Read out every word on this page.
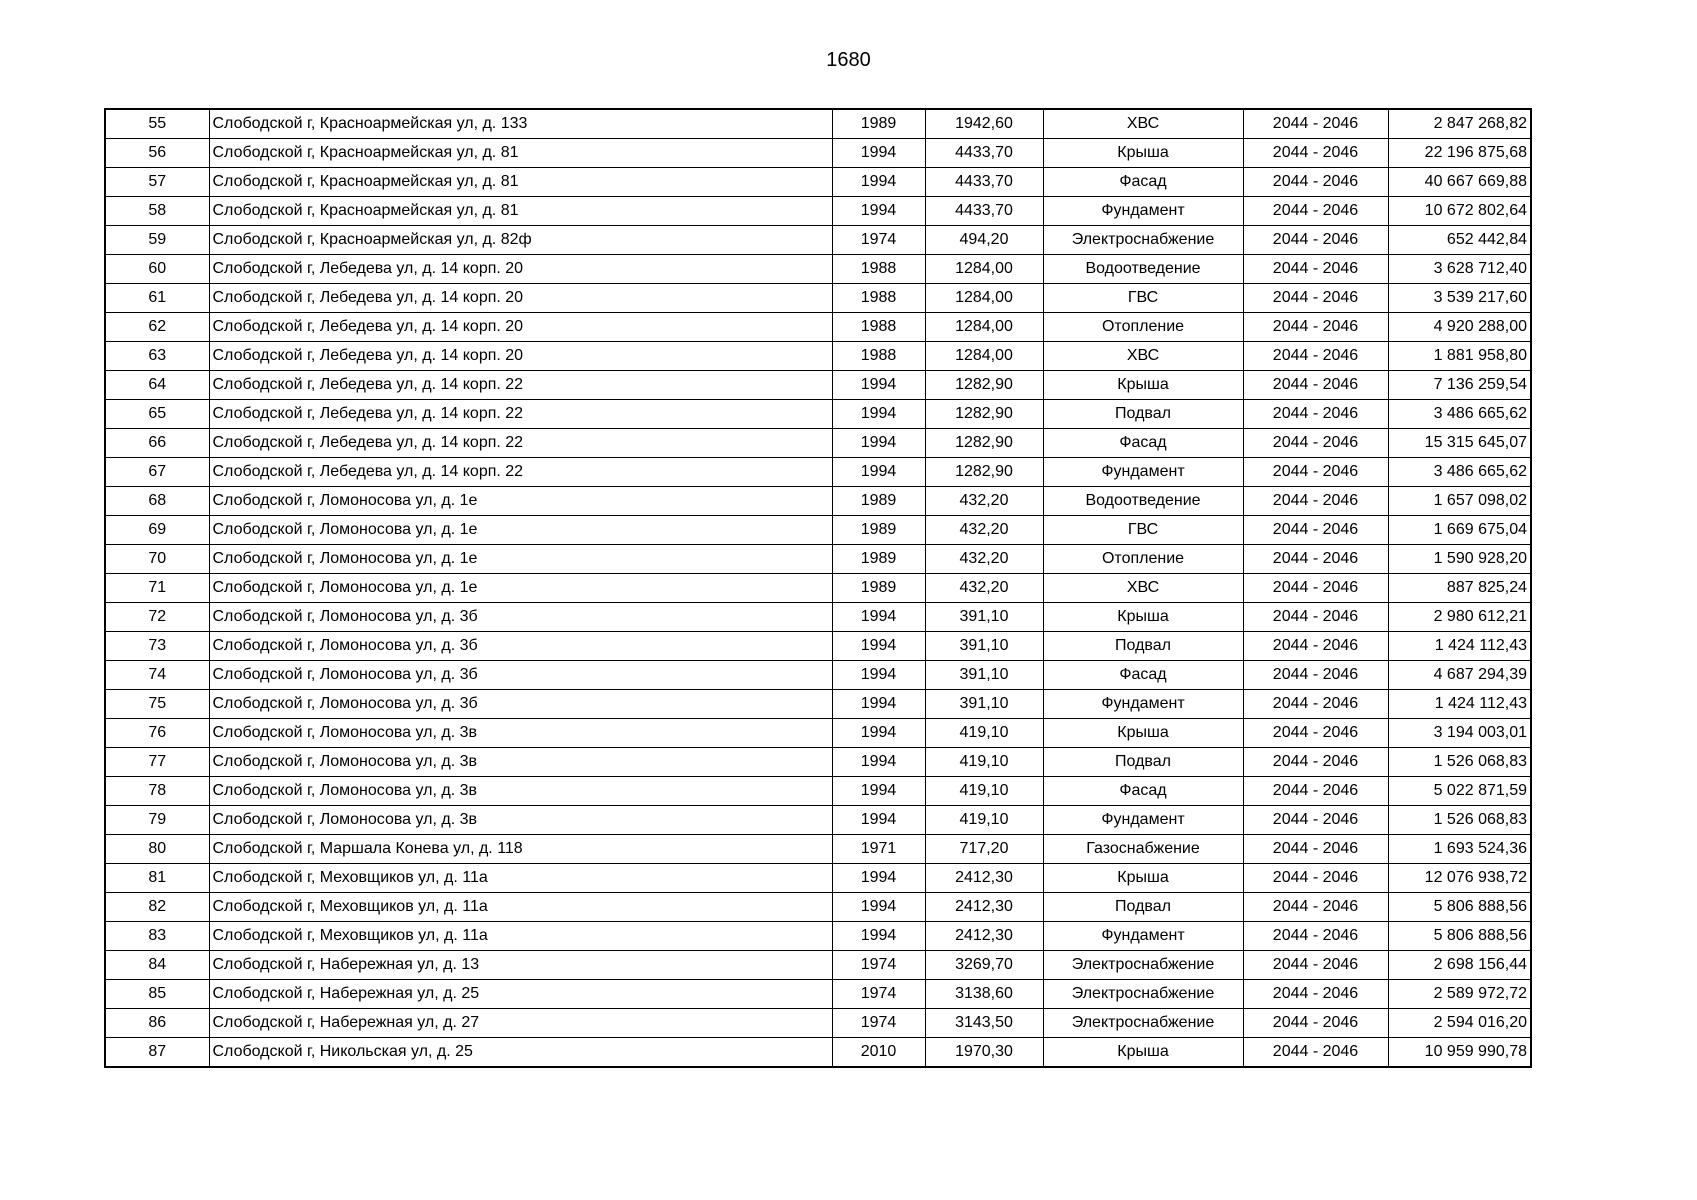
1680
55	Слободской г, Красноармейская ул, д. 133	1989	1942,60	ХВС	2044 - 2046	2 847 268,82
56	Слободской г, Красноармейская ул, д. 81	1994	4433,70	Крыша	2044 - 2046	22 196 875,68
57	Слободской г, Красноармейская ул, д. 81	1994	4433,70	Фасад	2044 - 2046	40 667 669,88
58	Слободской г, Красноармейская ул, д. 81	1994	4433,70	Фундамент	2044 - 2046	10 672 802,64
59	Слободской г, Красноармейская ул, д. 82ф	1974	494,20	Электроснабжение	2044 - 2046	652 442,84
60	Слободской г, Лебедева ул, д. 14 корп. 20	1988	1284,00	Водоотведение	2044 - 2046	3 628 712,40
61	Слободской г, Лебедева ул, д. 14 корп. 20	1988	1284,00	ГВС	2044 - 2046	3 539 217,60
62	Слободской г, Лебедева ул, д. 14 корп. 20	1988	1284,00	Отопление	2044 - 2046	4 920 288,00
63	Слободской г, Лебедева ул, д. 14 корп. 20	1988	1284,00	ХВС	2044 - 2046	1 881 958,80
64	Слободской г, Лебедева ул, д. 14 корп. 22	1994	1282,90	Крыша	2044 - 2046	7 136 259,54
65	Слободской г, Лебедева ул, д. 14 корп. 22	1994	1282,90	Подвал	2044 - 2046	3 486 665,62
66	Слободской г, Лебедева ул, д. 14 корп. 22	1994	1282,90	Фасад	2044 - 2046	15 315 645,07
67	Слободской г, Лебедева ул, д. 14 корп. 22	1994	1282,90	Фундамент	2044 - 2046	3 486 665,62
68	Слободской г, Ломоносова ул, д. 1е	1989	432,20	Водоотведение	2044 - 2046	1 657 098,02
69	Слободской г, Ломоносова ул, д. 1е	1989	432,20	ГВС	2044 - 2046	1 669 675,04
70	Слободской г, Ломоносова ул, д. 1е	1989	432,20	Отопление	2044 - 2046	1 590 928,20
71	Слободской г, Ломоносова ул, д. 1е	1989	432,20	ХВС	2044 - 2046	887 825,24
72	Слободской г, Ломоносова ул, д. 3б	1994	391,10	Крыша	2044 - 2046	2 980 612,21
73	Слободской г, Ломоносова ул, д. 3б	1994	391,10	Подвал	2044 - 2046	1 424 112,43
74	Слободской г, Ломоносова ул, д. 3б	1994	391,10	Фасад	2044 - 2046	4 687 294,39
75	Слободской г, Ломоносова ул, д. 3б	1994	391,10	Фундамент	2044 - 2046	1 424 112,43
76	Слободской г, Ломоносова ул, д. 3в	1994	419,10	Крыша	2044 - 2046	3 194 003,01
77	Слободской г, Ломоносова ул, д. 3в	1994	419,10	Подвал	2044 - 2046	1 526 068,83
78	Слободской г, Ломоносова ул, д. 3в	1994	419,10	Фасад	2044 - 2046	5 022 871,59
79	Слободской г, Ломоносова ул, д. 3в	1994	419,10	Фундамент	2044 - 2046	1 526 068,83
80	Слободской г, Маршала Конева ул, д. 118	1971	717,20	Газоснабжение	2044 - 2046	1 693 524,36
81	Слободской г, Меховщиков ул, д. 11а	1994	2412,30	Крыша	2044 - 2046	12 076 938,72
82	Слободской г, Меховщиков ул, д. 11а	1994	2412,30	Подвал	2044 - 2046	5 806 888,56
83	Слободской г, Меховщиков ул, д. 11а	1994	2412,30	Фундамент	2044 - 2046	5 806 888,56
84	Слободской г, Набережная ул, д. 13	1974	3269,70	Электроснабжение	2044 - 2046	2 698 156,44
85	Слободской г, Набережная ул, д. 25	1974	3138,60	Электроснабжение	2044 - 2046	2 589 972,72
86	Слободской г, Набережная ул, д. 27	1974	3143,50	Электроснабжение	2044 - 2046	2 594 016,20
87	Слободской г, Никольская ул, д. 25	2010	1970,30	Крыша	2044 - 2046	10 959 990,78
